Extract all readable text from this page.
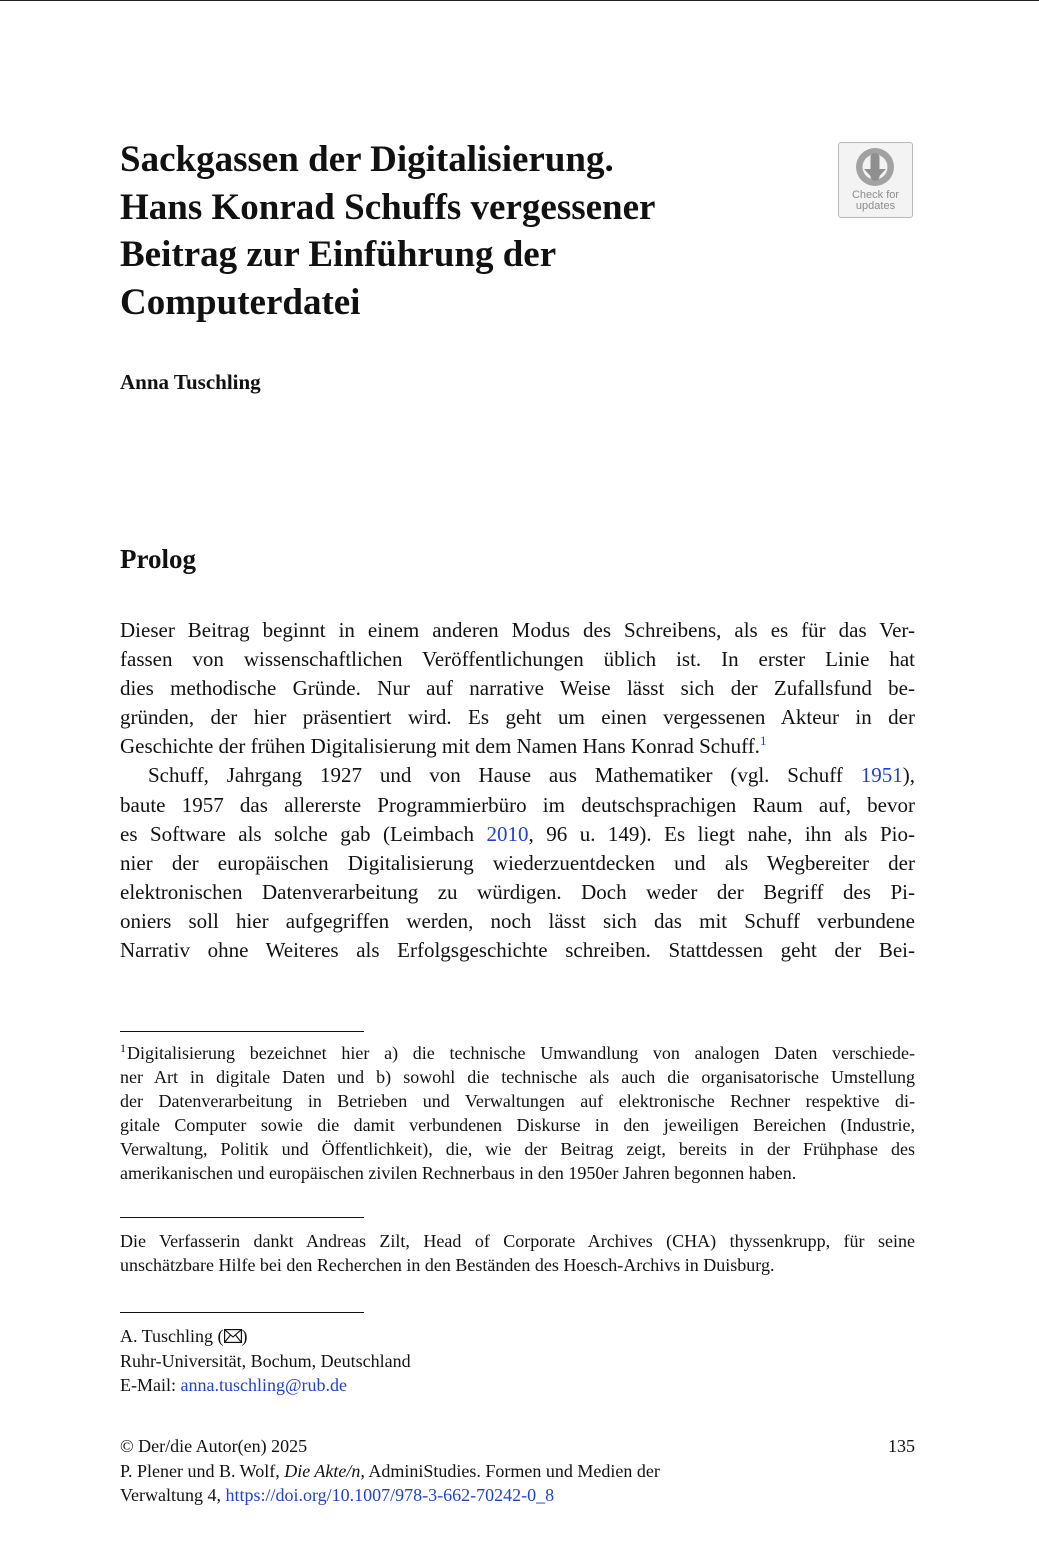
Sackgassen der Digitalisierung.
Hans Konrad Schuffs vergessener
Beitrag zur Einführung der
Computerdatei
Check for
updates

Anna Tuschling

Prolog
Dieser Beitrag beginnt in einem anderen Modus des Schreibens, als es für das Ver-
fassen von wissenschaftlichen Veröffentlichungen üblich ist. In erster Linie hat
dies methodische Gründe. Nur auf narrative Weise lässt sich der Zufallsfund be-
gründen, der hier präsentiert wird. Es geht um einen vergessenen Akteur in der
Geschichte der frühen Digitalisierung mit dem Namen Hans Konrad Schuff.$^1$
Schuff, Jahrgang 1927 und von Hause aus Mathematiker (vgl. Schuff 1951),
baute 1957 das allererste Programmierbüro im deutschsprachigen Raum auf, bevor
es Software als solche gab (Leimbach 2010, 96 u. 149). Es liegt nahe, ihn als Pio-
nier der europäischen Digitalisierung wiederzuentdecken und als Wegbereiter der
elektronischen Datenverarbeitung zu würdigen. Doch weder der Begriff des Pi-
oniers soll hier aufgegriffen werden, noch lässt sich das mit Schuff verbundene
Narrativ ohne Weiteres als Erfolgsgeschichte schreiben. Stattdessen geht der Bei-
$^1$Digitalisierung bezeichnet hier a) die technische Umwandlung von analogen Daten verschiede-
ner Art in digitale Daten und b) sowohl die technische als auch die organisatorische Umstellung
der Datenverarbeitung in Betrieben und Verwaltungen auf elektronische Rechner respektive di-
gitale Computer sowie die damit verbundenen Diskurse in den jeweiligen Bereichen (Industrie,
Verwaltung, Politik und Öffentlichkeit), die, wie der Beitrag zeigt, bereits in der Frühphase des
amerikanischen und europäischen zivilen Rechnerbaus in den 1950er Jahren begonnen haben.
Die Verfasserin dankt Andreas Zilt, Head of Corporate Archives (CHA) thyssenkrupp, für seine
unschätzbare Hilfe bei den Recherchen in den Beständen des Hoesch-Archivs in Duisburg.
A. Tuschling ( )
Ruhr-Universität, Bochum, Deutschland
E-Mail: anna.tuschling@rub.de
© Der/die Autor(en) 2025	135
P. Plener und B. Wolf, Die Akte/n, AdminiStudies. Formen und Medien der
Verwaltung 4, https://doi.org/10.1007/978-3-662-70242-0_8
